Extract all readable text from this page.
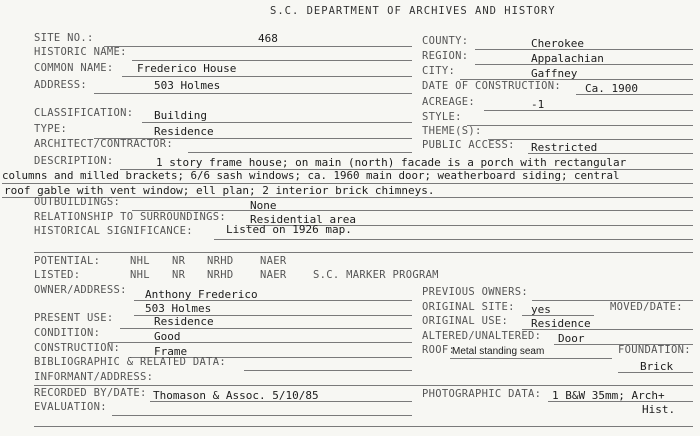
S.C. DEPARTMENT OF ARCHIVES AND HISTORY
SITE NO.:	468
HISTORIC NAME:
COMMON NAME: Frederico House
ADDRESS:	503 Holmes
CLASSIFICATION: Building
TYPE:	Residence
ARCHITECT/CONTRACTOR:
COUNTY:	Cherokee
REGION:	Appalachian
CITY:	Gaffney
DATE OF CONSTRUCTION: Ca. 1900
ACREAGE:	-1
STYLE:
THEME(S):
PUBLIC ACCESS: Restricted
DESCRIPTION:	1 story frame house; on main (north) facade is a porch with rectangular
columns and milled brackets; 6/6 sash windows; ca. 1960 main door; weatherboard siding; central
roof gable with vent window; ell plan; 2 interior brick chimneys.
OUTBUILDINGS:	None
RELATIONSHIP TO SURROUNDINGS: Residential area
HISTORICAL SIGNIFICANCE:	Listed on 1926 map.
POTENTIAL:	NHL NR NRHD	NAER
LISTED:	NHL NR NRHD	NAER	S.C. MARKER PROGRAM
OWNER/ADDRESS: Anthony Frederico
503 Holmes
PRESENT USE:	Residence
CONDITION:	Good
CONSTRUCTION:	Frame
BIBLIOGRAPHIC & RELATED DATA:
INFORMANT/ADDRESS:
RECORDED BY/DATE: Thomason & Assoc. 5/10/85
EVALUATION:
PREVIOUS OWNERS:
ORIGINAL SITE: yes	MOVED/DATE:
ORIGINAL USE: Residence
ALTERED/UNALTERED: Door
ROOF:
Metal standing seam	FOUNDATION:
Brick
PHOTOGRAPHIC DATA: 1 B&W 35mm; Arch+
Hist.
